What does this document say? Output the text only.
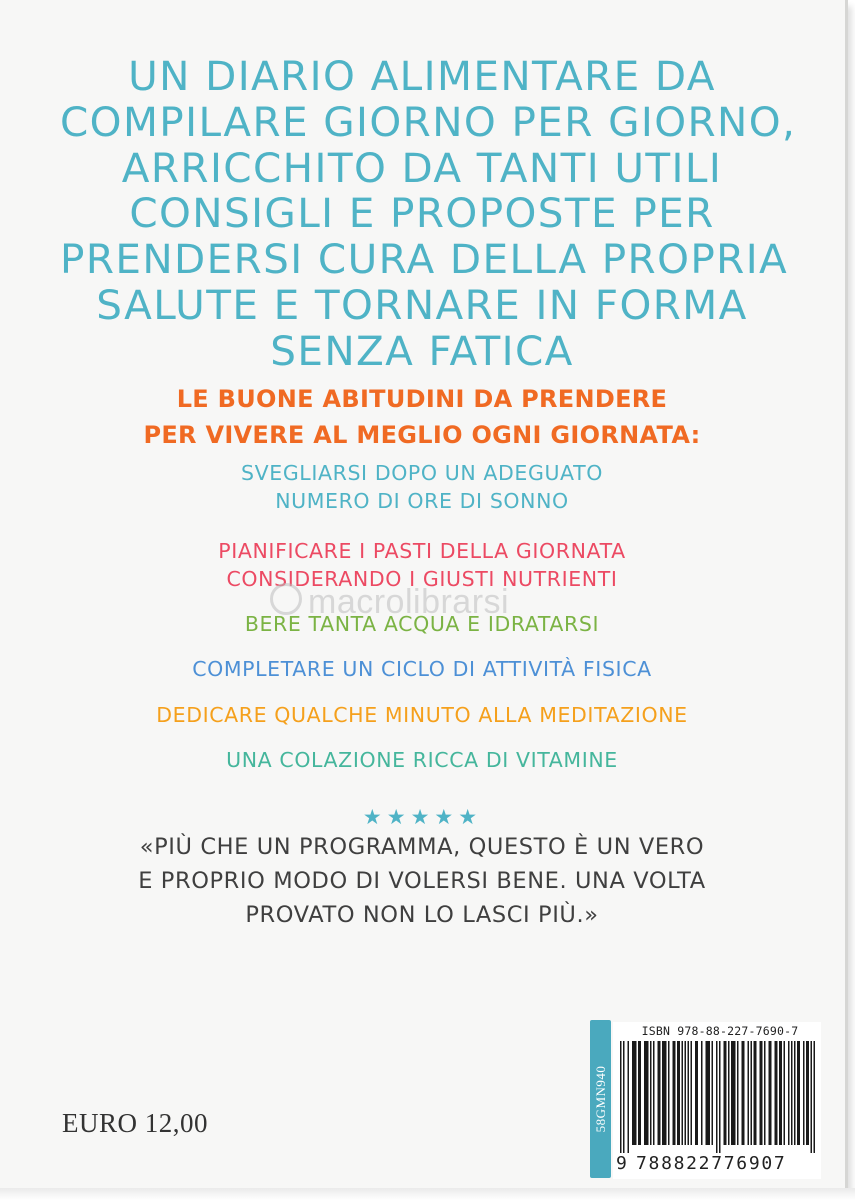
UN DIARIO ALIMENTARE DA
COMPILARE GIORNO PER GIORNO,
ARRICCHITO DA TANTI UTILI
CONSIGLI E PROPOSTE PER
PRENDERSI CURA DELLA PROPRIA
SALUTE E TORNARE IN FORMA
SENZA FATICA
LE BUONE ABITUDINI DA PRENDERE
PER VIVERE AL MEGLIO OGNI GIORNATA:
SVEGLIARSI DOPO UN ADEGUATO
NUMERO DI ORE DI SONNO
PIANIFICARE I PASTI DELLA GIORNATA
CONSIDERANDO I GIUSTI NUTRIENTI
BERE TANTA ACQUA E IDRATARSI
COMPLETARE UN CICLO DI ATTIVITÀ FISICA
DEDICARE QUALCHE MINUTO ALLA MEDITAZIONE
UNA COLAZIONE RICCA DI VITAMINE
★★★★★
«PIÙ CHE UN PROGRAMMA, QUESTO È UN VERO
E PROPRIO MODO DI VOLERSI BENE. UNA VOLTA
PROVATO NON LO LASCI PIÙ.»
macrolibrarsi
EURO 12,00	58GMN940
ISBN 978-88-227-7690-7
9 788822776907
